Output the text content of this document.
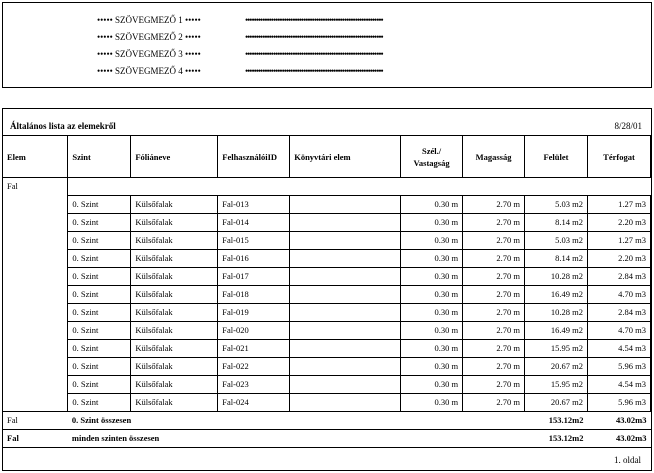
••••• SZÖVEGMEZŐ 1 •••••	••••••••••••••••••••••••••••••••••••••••••••••••••••••••••••••••
••••• SZÖVEGMEZŐ 2 •••••	••••••••••••••••••••••••••••••••••••••••••••••••••••••••••••••••
••••• SZÖVEGMEZŐ 3 •••••	••••••••••••••••••••••••••••••••••••••••••••••••••••••••••••••••
••••• SZÖVEGMEZŐ 4 •••••	••••••••••••••••••••••••••••••••••••••••••••••••••••••••••••••••
Általános lista az elemekről	8/28/01
Elem	Szint	Fóliáneve	FelhasználóiID	Könyvtári elem	Szél./
Vastagság	Magasság	Felület	Térfogat
Fal								
	0. Szint	Külsőfalak	Fal-013		0.30 m	2.70 m	5.03 m2	1.27 m3
	0. Szint	Külsőfalak	Fal-014		0.30 m	2.70 m	8.14 m2	2.20 m3
	0. Szint	Külsőfalak	Fal-015		0.30 m	2.70 m	5.03 m2	1.27 m3
	0. Szint	Külsőfalak	Fal-016		0.30 m	2.70 m	8.14 m2	2.20 m3
	0. Szint	Külsőfalak	Fal-017		0.30 m	2.70 m	10.28 m2	2.84 m3
	0. Szint	Külsőfalak	Fal-018		0.30 m	2.70 m	16.49 m2	4.70 m3
	0. Szint	Külsőfalak	Fal-019		0.30 m	2.70 m	10.28 m2	2.84 m3
	0. Szint	Külsőfalak	Fal-020		0.30 m	2.70 m	16.49 m2	4.70 m3
	0. Szint	Külsőfalak	Fal-021		0.30 m	2.70 m	15.95 m2	4.54 m3
	0. Szint	Külsőfalak	Fal-022		0.30 m	2.70 m	20.67 m2	5.96 m3
	0. Szint	Külsőfalak	Fal-023		0.30 m	2.70 m	15.95 m2	4.54 m3
	0. Szint	Külsőfalak	Fal-024		0.30 m	2.70 m	20.67 m2	5.96 m3
Fal	0. Szint összesen						153.12m2	43.02m3
Fal	minden szinten összesen						153.12m2	43.02m3
1. oldal
